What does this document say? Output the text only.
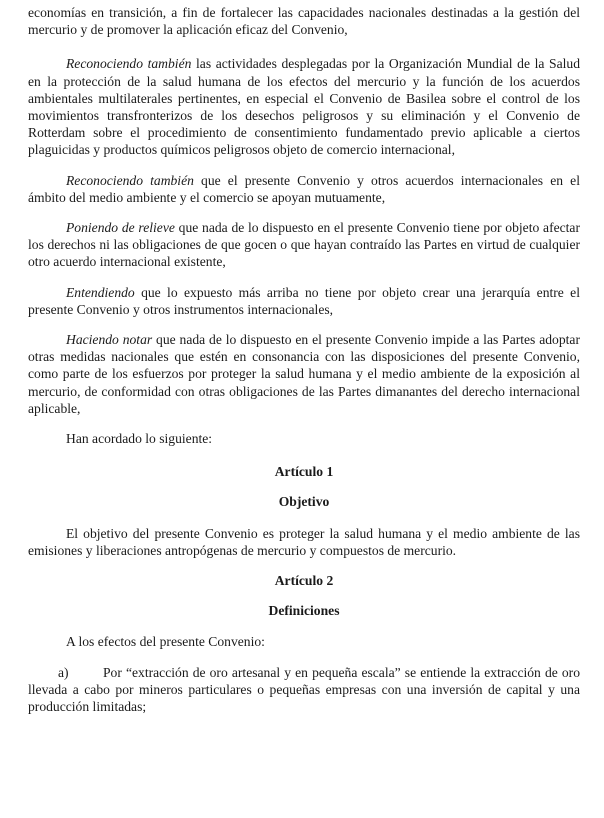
economías en transición, a fin de fortalecer las capacidades nacionales destinadas a la gestión del mercurio y de promover la aplicación eficaz del Convenio,

Reconociendo también las actividades desplegadas por la Organización Mundial de la Salud en la protección de la salud humana de los efectos del mercurio y la función de los acuerdos ambientales multilaterales pertinentes, en especial el Convenio de Basilea sobre el control de los movimientos transfronterizos de los desechos peligrosos y su eliminación y el Convenio de Rotterdam sobre el procedimiento de consentimiento fundamentado previo aplicable a ciertos plaguicidas y productos químicos peligrosos objeto de comercio internacional,

Reconociendo también que el presente Convenio y otros acuerdos internacionales en el ámbito del medio ambiente y el comercio se apoyan mutuamente,

Poniendo de relieve que nada de lo dispuesto en el presente Convenio tiene por objeto afectar los derechos ni las obligaciones de que gocen o que hayan contraído las Partes en virtud de cualquier otro acuerdo internacional existente,

Entendiendo que lo expuesto más arriba no tiene por objeto crear una jerarquía entre el presente Convenio y otros instrumentos internacionales,

Haciendo notar que nada de lo dispuesto en el presente Convenio impide a las Partes adoptar otras medidas nacionales que estén en consonancia con las disposiciones del presente Convenio, como parte de los esfuerzos por proteger la salud humana y el medio ambiente de la exposición al mercurio, de conformidad con otras obligaciones de las Partes dimanantes del derecho internacional aplicable,

Han acordado lo siguiente:

Artículo 1

Objetivo

El objetivo del presente Convenio es proteger la salud humana y el medio ambiente de las emisiones y liberaciones antropógenas de mercurio y compuestos de mercurio.

Artículo 2

Definiciones

A los efectos del presente Convenio:

a)	Por “extracción de oro artesanal y en pequeña escala” se entiende la extracción de oro llevada a cabo por mineros particulares o pequeñas empresas con una inversión de capital y una producción limitadas;
